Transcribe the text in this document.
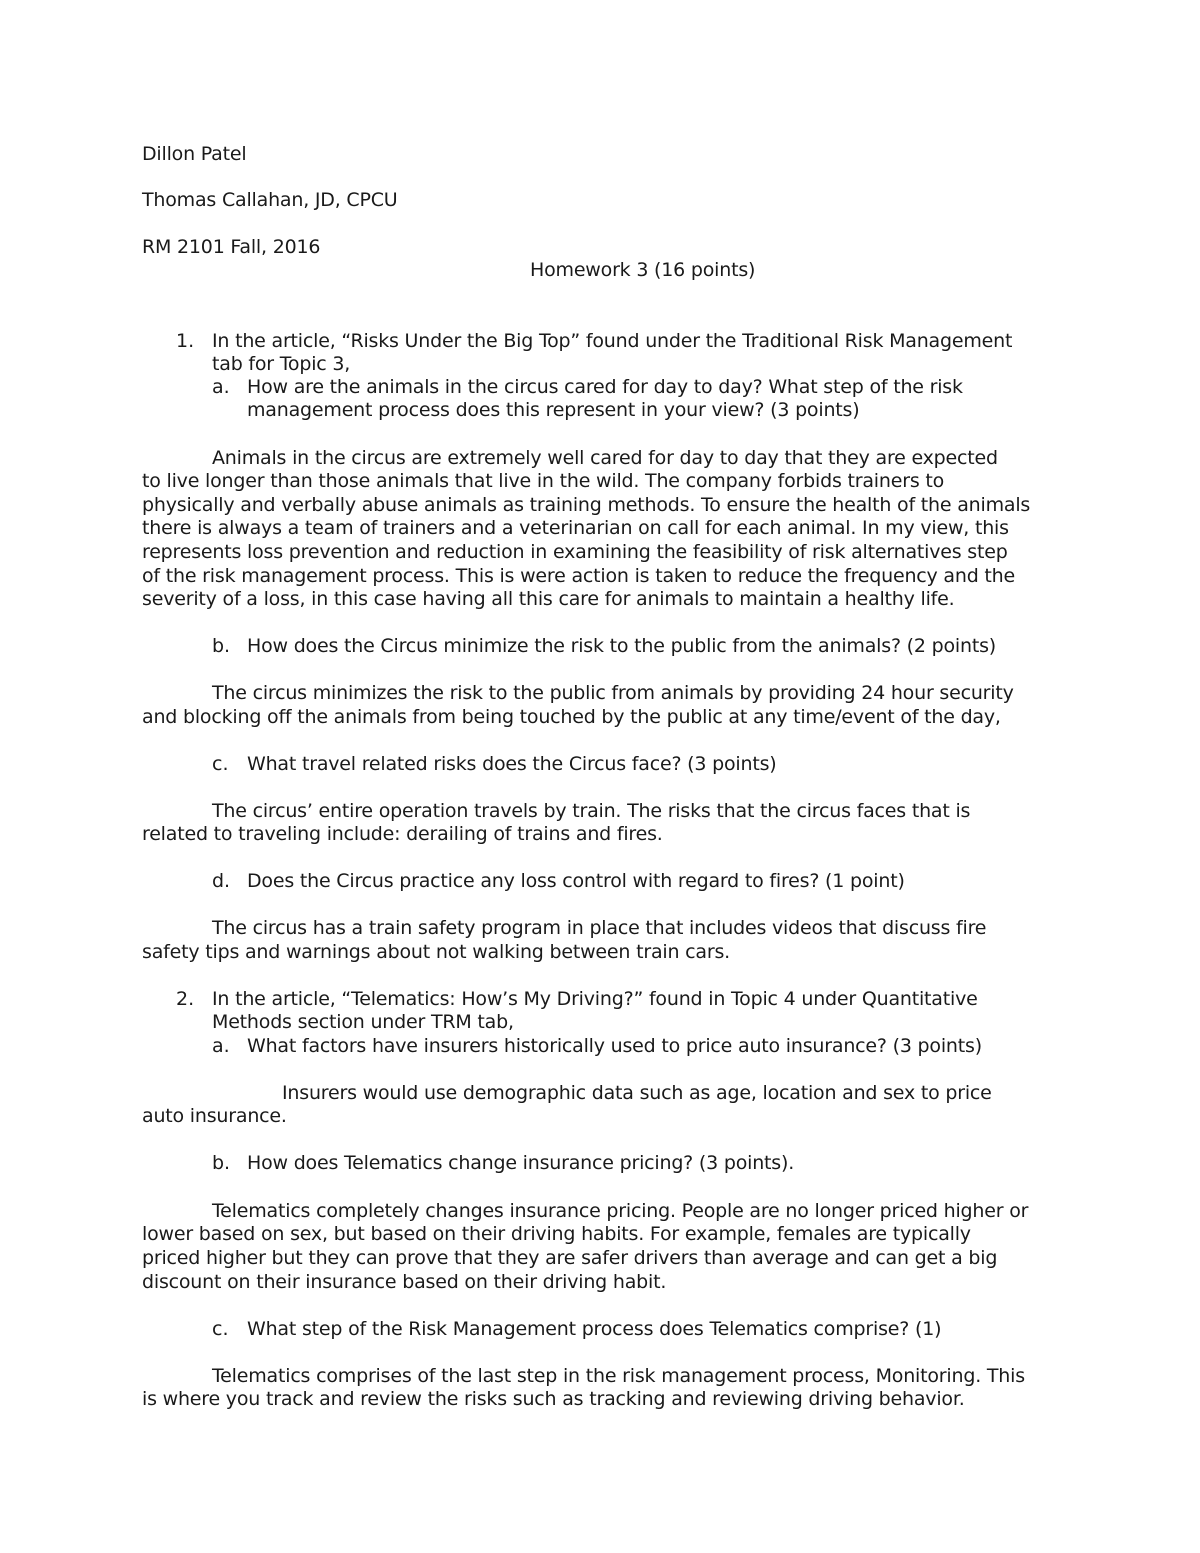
Dillon Patel
Thomas Callahan, JD, CPCU
RM 2101 Fall, 2016
Homework 3 (16 points)
1. In the article, “Risks Under the Big Top” found under the Traditional Risk Management
tab for Topic 3,
a. How are the animals in the circus cared for day to day? What step of the risk
management process does this represent in your view? (3 points)
Animals in the circus are extremely well cared for day to day that they are expected
to live longer than those animals that live in the wild. The company forbids trainers to
physically and verbally abuse animals as training methods. To ensure the health of the animals
there is always a team of trainers and a veterinarian on call for each animal. In my view, this
represents loss prevention and reduction in examining the feasibility of risk alternatives step
of the risk management process. This is were action is taken to reduce the frequency and the
severity of a loss, in this case having all this care for animals to maintain a healthy life.
b. How does the Circus minimize the risk to the public from the animals? (2 points)
The circus minimizes the risk to the public from animals by providing 24 hour security
and blocking off the animals from being touched by the public at any time/event of the day,
c. What travel related risks does the Circus face? (3 points)
The circus’ entire operation travels by train. The risks that the circus faces that is
related to traveling include: derailing of trains and fires.
d. Does the Circus practice any loss control with regard to fires? (1 point)
The circus has a train safety program in place that includes videos that discuss fire
safety tips and warnings about not walking between train cars.
2. In the article, “Telematics: How’s My Driving?” found in Topic 4 under Quantitative
Methods section under TRM tab,
a. What factors have insurers historically used to price auto insurance? (3 points)
Insurers would use demographic data such as age, location and sex to price
auto insurance.
b. How does Telematics change insurance pricing? (3 points).
Telematics completely changes insurance pricing. People are no longer priced higher or
lower based on sex, but based on their driving habits. For example, females are typically
priced higher but they can prove that they are safer drivers than average and can get a big
discount on their insurance based on their driving habit.
c. What step of the Risk Management process does Telematics comprise? (1)
Telematics comprises of the last step in the risk management process, Monitoring. This
is where you track and review the risks such as tracking and reviewing driving behavior.
